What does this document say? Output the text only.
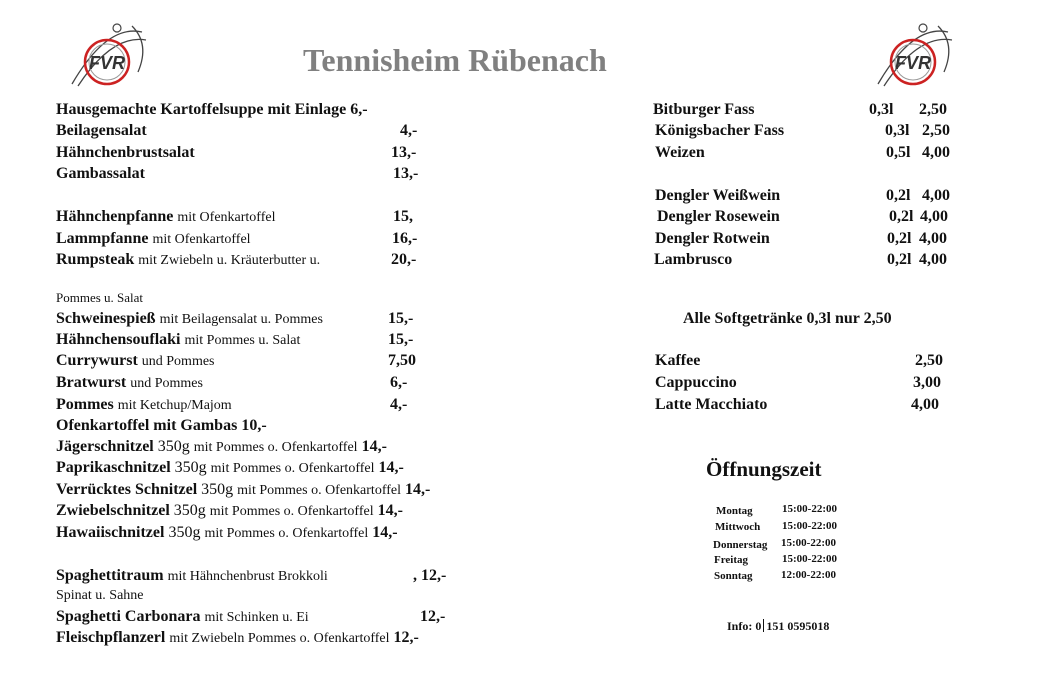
FVR	FVR
Tennisheim Rübenach
Hausgemachte Kartoffelsuppe mit Einlage 6,-
Beilagensalat	4,-
Hähnchenbrustsalat	13,-
Gambassalat	13,-
Hähnchenpfanne mit Ofenkartoffel	15,
Lammpfanne mit Ofenkartoffel	16,-
Rumpsteak mit Zwiebeln u. Kräuterbutter u.	20,-
Pommes u. Salat
Schweinespieß mit Beilagensalat u. Pommes	15,-
Hähnchensouflaki mit Pommes u. Salat	15,-
Currywurst und Pommes	7,50
Bratwurst und Pommes	6,-
Pommes mit Ketchup/Majom	4,-
Ofenkartoffel mit Gambas 10,-
Jägerschnitzel 350g mit Pommes o. Ofenkartoffel 14,-
Paprikaschnitzel 350g mit Pommes o. Ofenkartoffel 14,-
Verrücktes Schnitzel 350g mit Pommes o. Ofenkartoffel 14,-
Zwiebelschnitzel 350g mit Pommes o. Ofenkartoffel 14,-
Hawaiischnitzel 350g mit Pommes o. Ofenkartoffel 14,-
Spaghettitraum mit Hähnchenbrust Brokkoli	, 12,-
Spinat u. Sahne
Spaghetti Carbonara mit Schinken u. Ei	12,-
Fleischpflanzerl mit Zwiebeln Pommes o. Ofenkartoffel 12,-
Bitburger Fass	0,3l 2,50
Königsbacher Fass	0,3l 2,50
Weizen	0,5l 4,00
Dengler Weißwein	0,2l 4,00
Dengler Rosewein	0,2l 4,00
Dengler Rotwein	0,2l 4,00
Lambrusco	0,2l 4,00
Alle Softgetränke 0,3l nur 2,50
Kaffee	2,50
Cappuccino	3,00
Latte Macchiato	4,00
Öffnungszeit
Montag	15:00-22:00
Mittwoch 15:00-22:00
Donnerstag 15:00-22:00
Freitag	15:00-22:00
Sonntag	12:00-22:00
Info: 0 151 0595018
